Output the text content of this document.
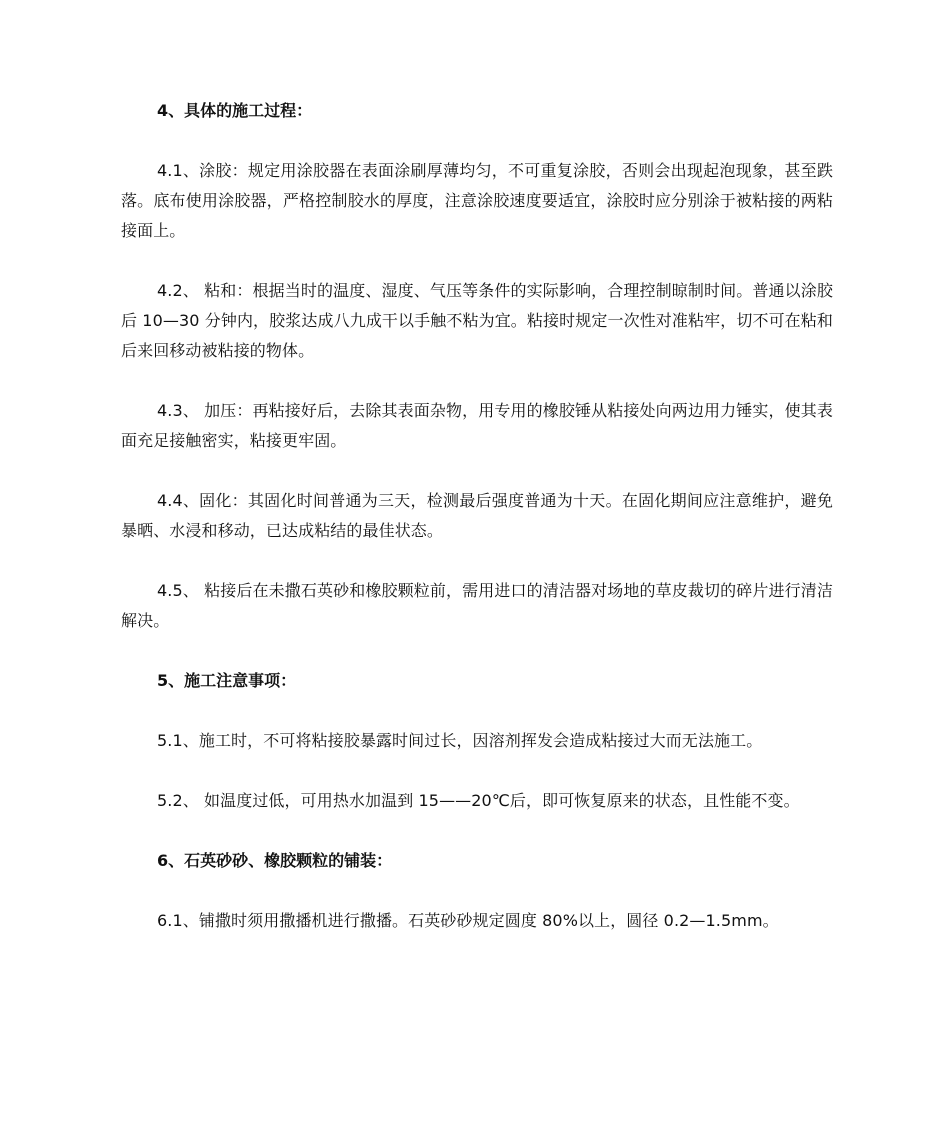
4、具体的施工过程：
4.1、涂胶：规定用涂胶器在表面涂刷厚薄均匀，不可重复涂胶，否则会出现起泡现象，甚至跌落。底布使用涂胶器，严格控制胶水的厚度，注意涂胶速度要适宜，涂胶时应分别涂于被粘接的两粘接面上。
4.2、 粘和：根据当时的温度、湿度、气压等条件的实际影响，合理控制晾制时间。普通以涂胶后 10—30 分钟内，胶浆达成八九成干以手触不粘为宜。粘接时规定一次性对准粘牢，切不可在粘和后来回移动被粘接的物体。
4.3、 加压：再粘接好后，去除其表面杂物，用专用的橡胶锤从粘接处向两边用力锤实，使其表面充足接触密实，粘接更牢固。
4.4、固化：其固化时间普通为三天，检测最后强度普通为十天。在固化期间应注意维护，避免暴晒、水浸和移动，已达成粘结的最佳状态。
4.5、 粘接后在未撒石英砂和橡胶颗粒前，需用进口的清洁器对场地的草皮裁切的碎片进行清洁解决。
5、施工注意事项：
5.1、施工时，不可将粘接胶暴露时间过长，因溶剂挥发会造成粘接过大而无法施工。
5.2、 如温度过低，可用热水加温到 15——20℃后，即可恢复原来的状态，且性能不变。
6、石英砂砂、橡胶颗粒的铺装：
6.1、铺撒时须用撒播机进行撒播。石英砂砂规定圆度 80%以上，圆径 0.2—1.5mm。
